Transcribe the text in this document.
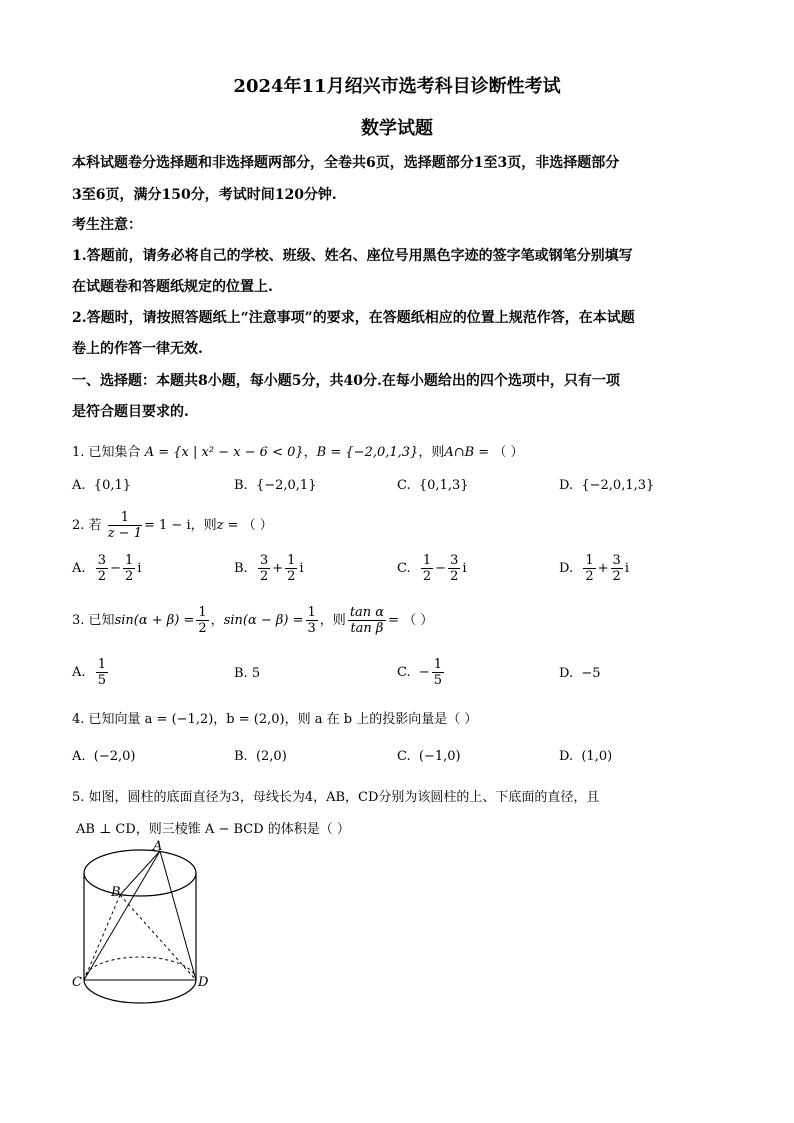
2024年11月绍兴市选考科目诊断性考试
数学试题
本科试题卷分选择题和非选择题两部分，全卷共6页，选择题部分1至3页，非选择题部分
3至6页，满分150分，考试时间120分钟.
考生注意：
1.答题前，请务必将自己的学校、班级、姓名、座位号用黑色字迹的签字笔或钢笔分别填写
在试题卷和答题纸规定的位置上.
2.答题时，请按照答题纸上“注意事项”的要求，在答题纸相应的位置上规范作答，在本试题
卷上的作答一律无效.
一、选择题：本题共8小题，每小题5分，共40分.在每小题给出的四个选项中，只有一项
是符合题目要求的.
1. 已知集合 A = {x | x² − x − 6 < 0}，B = {−2,0,1,3}，则A∩B = （ ）
A. {0,1}	B. {−2,0,1}	C. {0,1,3}	D. {−2,0,1,3}
2. 若 $\frac{1}{z - 1} = 1 - i$，则z = （ ）
A. $\frac{3}{2} - \frac{1}{2}$ i	B. $\frac{3}{2} + \frac{1}{2}$ i	C. $\frac{1}{2} - \frac{3}{2}$ i	D. $\frac{1}{2} + \frac{3}{2}$ i
3. 已知$\sin(\alpha + \beta) = \frac{1}{2}$ ，$\sin(\alpha - \beta) = \frac{1}{3}$ ，则 $\frac{\text{tan α}}{\text{tan β}}$ = （ ）
A. $\frac{1}{5}$	B. 5	C. − $\frac{1}{5}$	D. −5
4. 已知向量 a = (−1,2)，b = (2,0)，则 a 在 b 上的投影向量是（ ）
A. (−2,0)	B. (2,0)	C. (−1,0)	D. (1,0)
5. 如图，圆柱的底面直径为3，母线长为4，AB，CD分别为该圆柱的上、下底面的直径，且
AB ⊥ CD，则三棱锥 A − BCD 的体积是（ ）
A
B
C	D
